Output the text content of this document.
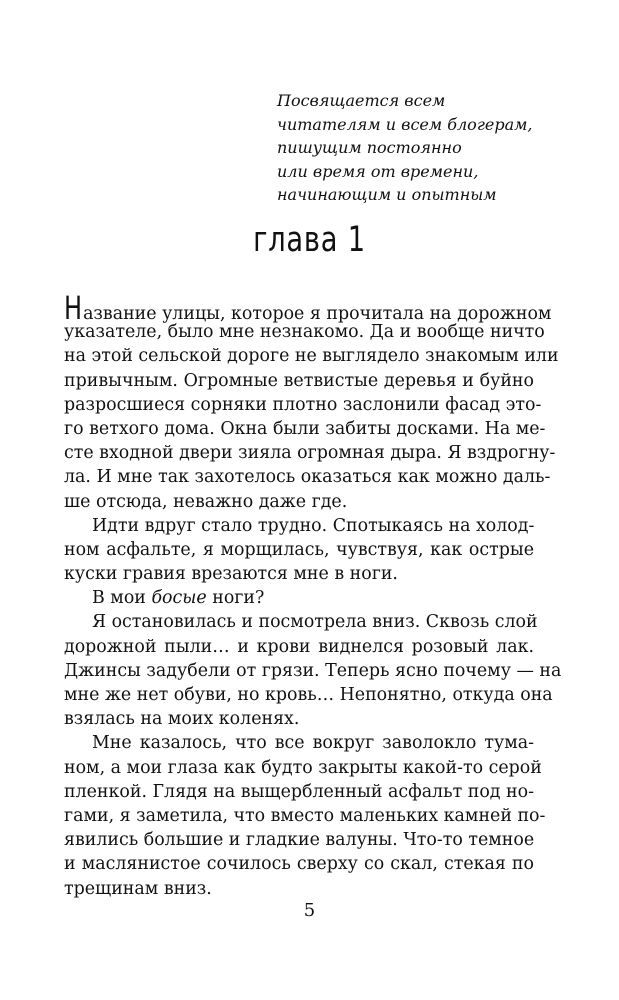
Посвящается всем
читателям и всем блогерам,
пишущим постоянно
или время от времени,
начинающим и опытным
глава 1
Название улицы, которое я прочитала на дорожном
указателе, было мне незнакомо. Да и вообще ничто
на этой сельской дороге не выглядело знакомым или
привычным. Огромные ветвистые деревья и буйно
разросшиеся сорняки плотно заслонили фасад это-
го ветхого дома. Окна были забиты досками. На ме-
сте входной двери зияла огромная дыра. Я вздрогну-
ла. И мне так захотелось оказаться как можно даль-
ше отсюда, неважно даже где.
Идти вдруг стало трудно. Спотыкаясь на холод-
ном асфальте, я морщилась, чувствуя, как острые
куски гравия врезаются мне в ноги.
В мои босые ноги?
Я остановилась и посмотрела вниз. Сквозь слой
дорожной пыли… и крови виднелся розовый лак.
Джинсы задубели от грязи. Теперь ясно почему — на
мне же нет обуви, но кровь… Непонятно, откуда она
взялась на моих коленях.
Мне казалось, что все вокруг заволокло тума-
ном, а мои глаза как будто закрыты какой-то серой
пленкой. Глядя на выщербленный асфальт под но-
гами, я заметила, что вместо маленьких камней по-
явились большие и гладкие валуны. Что-то темное
и маслянистое сочилось сверху со скал, стекая по
трещинам вниз.
5
